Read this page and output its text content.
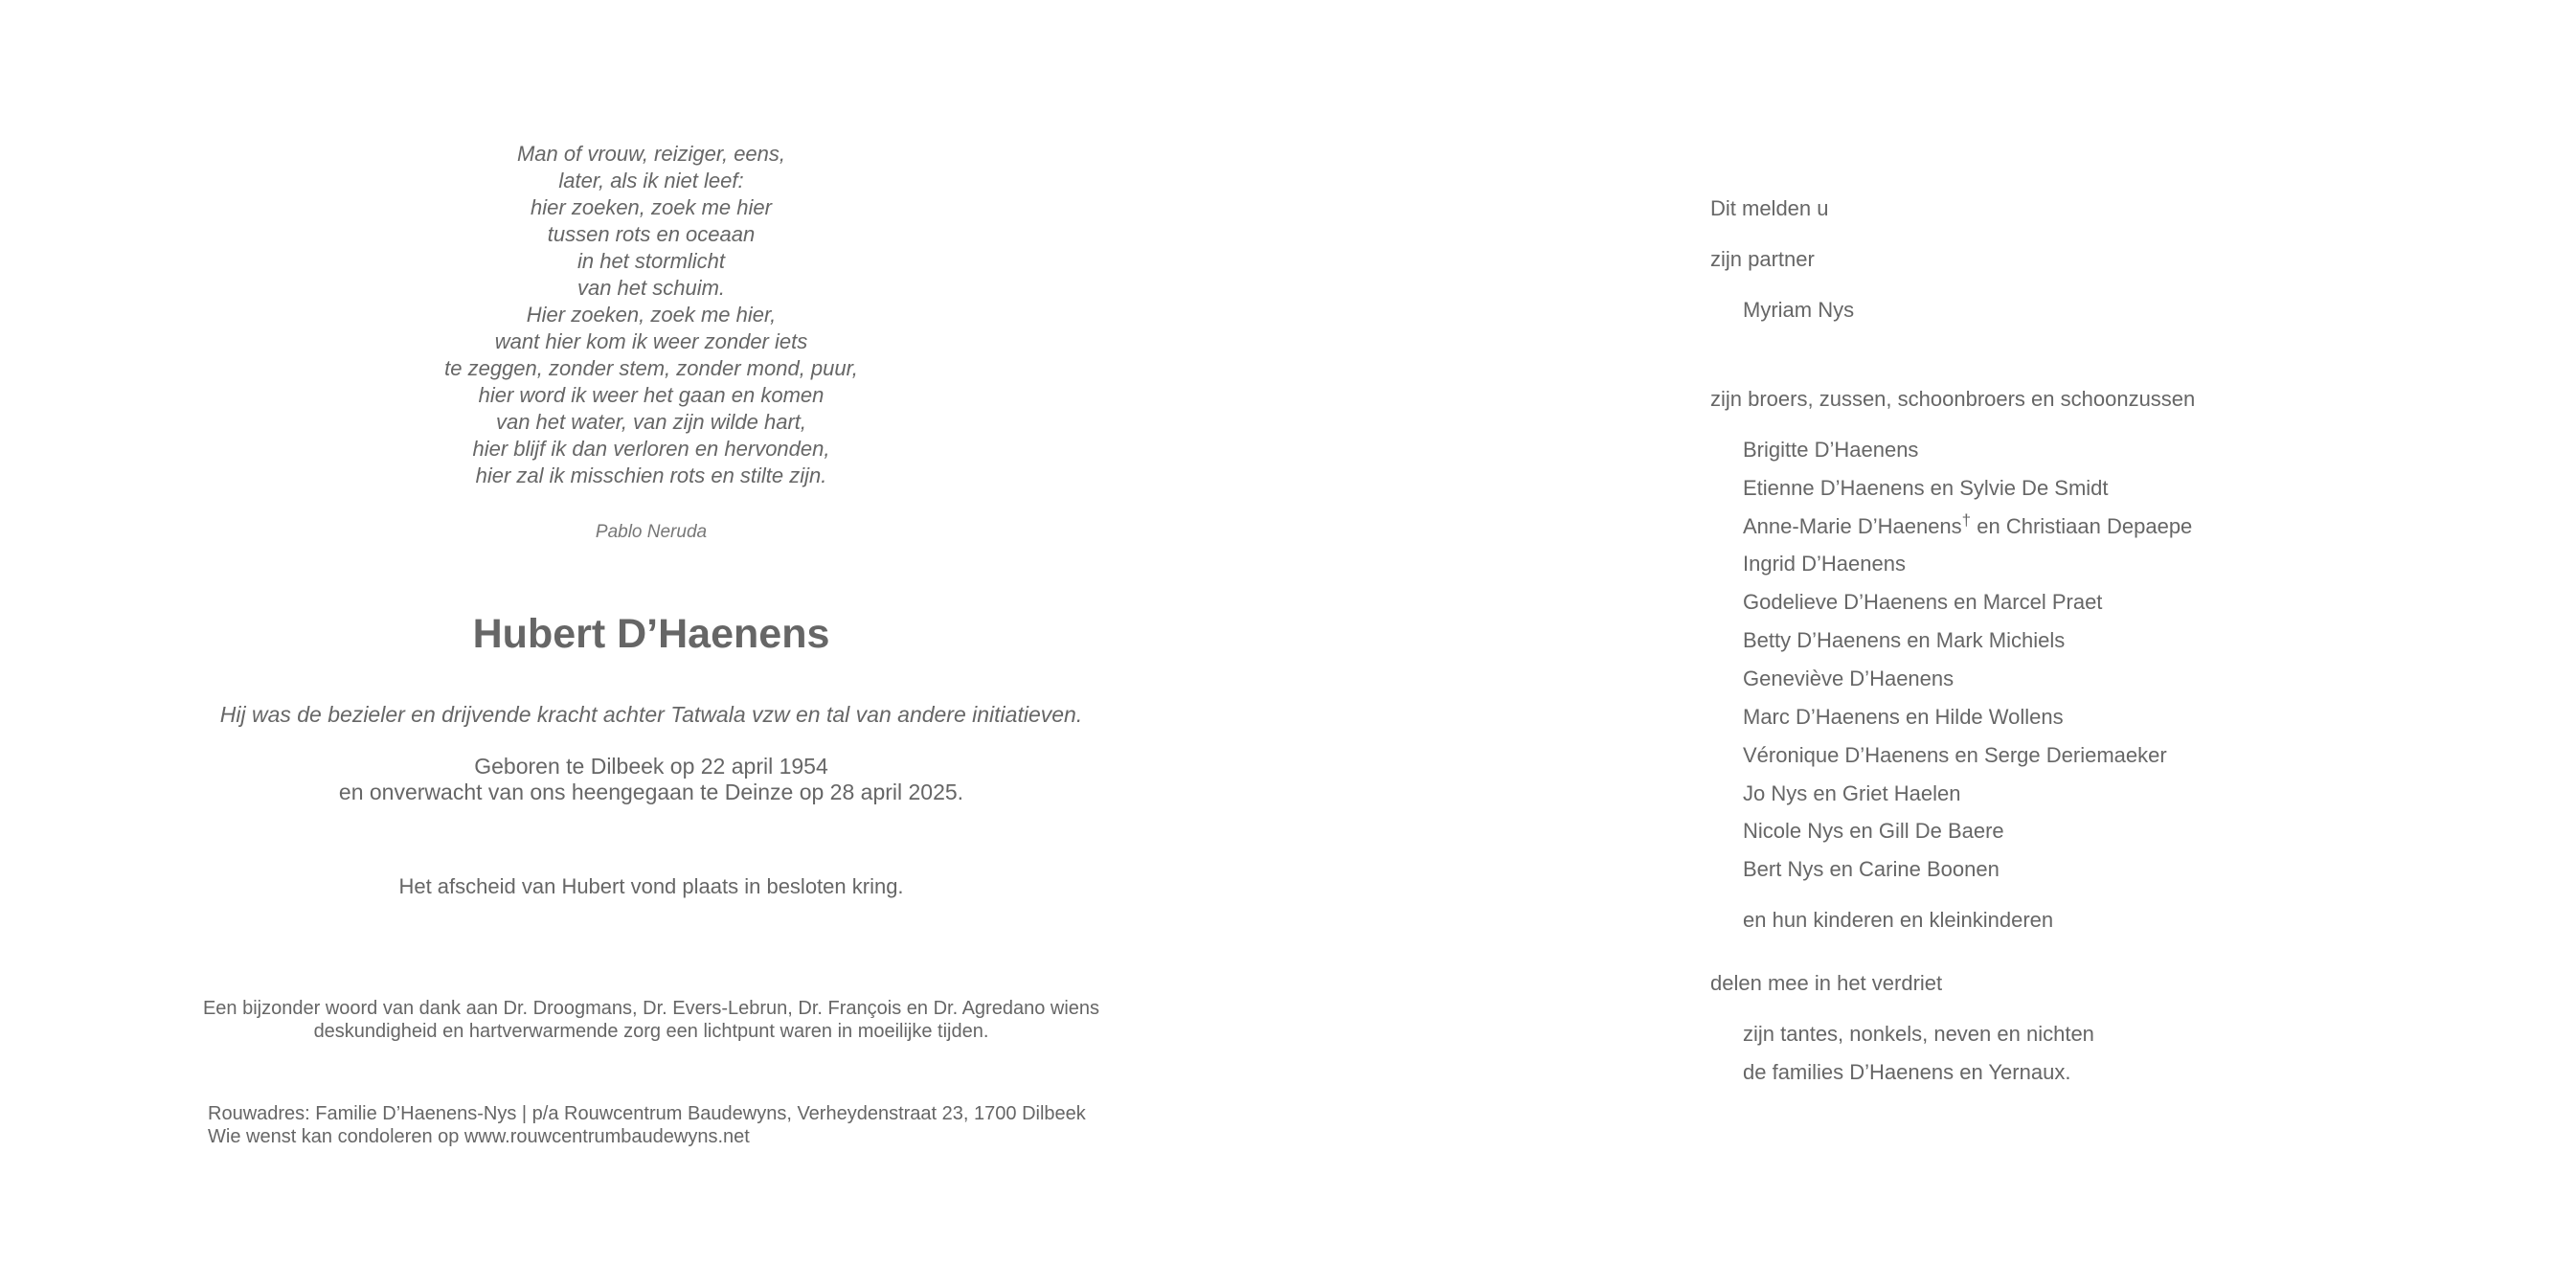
Man of vrouw, reiziger, eens,
later, als ik niet leef:
hier zoeken, zoek me hier
tussen rots en oceaan
in het stormlicht
van het schuim.
Hier zoeken, zoek me hier,
want hier kom ik weer zonder iets
te zeggen, zonder stem, zonder mond, puur,
hier word ik weer het gaan en komen
van het water, van zijn wilde hart,
hier blijf ik dan verloren en hervonden,
hier zal ik misschien rots en stilte zijn.
Pablo Neruda
Hubert D’Haenens
Hij was de bezieler en drijvende kracht achter Tatwala vzw en tal van andere initiatieven.
Geboren te Dilbeek op 22 april 1954
en onverwacht van ons heengegaan te Deinze op 28 april 2025.
Het afscheid van Hubert vond plaats in besloten kring.
Een bijzonder woord van dank aan Dr. Droogmans, Dr. Evers-Lebrun, Dr. François en Dr. Agredano wiens
deskundigheid en hartverwarmende zorg een lichtpunt waren in moeilijke tijden.
Rouwadres: Familie D’Haenens-Nys | p/a Rouwcentrum Baudewyns, Verheydenstraat 23, 1700 Dilbeek
Wie wenst kan condoleren op www.rouwcentrumbaudewyns.net
Dit melden u
zijn partner
Myriam Nys
zijn broers, zussen, schoonbroers en schoonzussen
Brigitte D’Haenens
Etienne D’Haenens en Sylvie De Smidt
Anne-Marie D’Haenens† en Christiaan Depaepe
Ingrid D’Haenens
Godelieve D’Haenens en Marcel Praet
Betty D’Haenens en Mark Michiels
Geneviève D’Haenens
Marc D’Haenens en Hilde Wollens
Véronique D’Haenens en Serge Deriemaeker
Jo Nys en Griet Haelen
Nicole Nys en Gill De Baere
Bert Nys en Carine Boonen
en hun kinderen en kleinkinderen
delen mee in het verdriet
zijn tantes, nonkels, neven en nichten
de families D’Haenens en Yernaux.
